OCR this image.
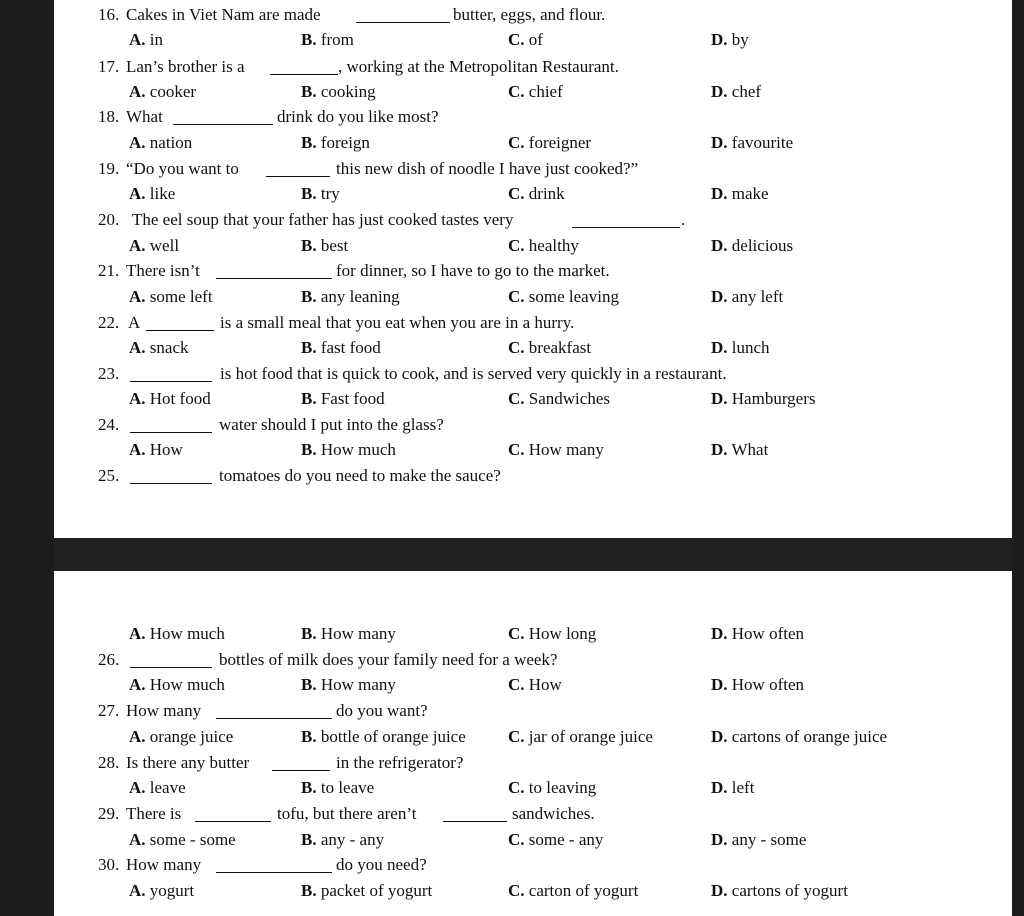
16. Cakes in Viet Nam are made	butter, eggs, and flour.
A. in	B. from	C. of	D. by
17. Lan’s brother is a	, working at the Metropolitan Restaurant.
A. cooker	B. cooking	C. chief	D. chef
18. What	drink do you like most?
A. nation	B. foreign	C. foreigner	D. favourite
19. “Do you want to	this new dish of noodle I have just cooked?”
A. like	B. try	C. drink	D. make
20. The eel soup that your father has just cooked tastes very	.
A. well	B. best	C. healthy	D. delicious
21. There isn’t	for dinner, so I have to go to the market.
A. some left	B. any leaning	C. some leaving	D. any left
22. A	is a small meal that you eat when you are in a hurry.
A. snack	B. fast food	C. breakfast	D. lunch
23.	is hot food that is quick to cook, and is served very quickly in a restaurant.
A. Hot food	B. Fast food	C. Sandwiches	D. Hamburgers
24.	water should I put into the glass?
A. How	B. How much	C. How many	D. What
25.	tomatoes do you need to make the sauce?
A. How much	B. How many	C. How long	D. How often
26.	bottles of milk does your family need for a week?
A. How much	B. How many	C. How	D. How often
27. How many	do you want?
A. orange juice	B. bottle of orange juice C. jar of orange juice	D. cartons of orange juice
28. Is there any butter	in the refrigerator?
A. leave	B. to leave	C. to leaving	D. left
29. There is	tofu, but there aren’t	sandwiches.
A. some - some	B. any - any	C. some - any	D. any - some
30. How many	do you need?
A. yogurt	B. packet of yogurt	C. carton of yogurt	D. cartons of yogurt
